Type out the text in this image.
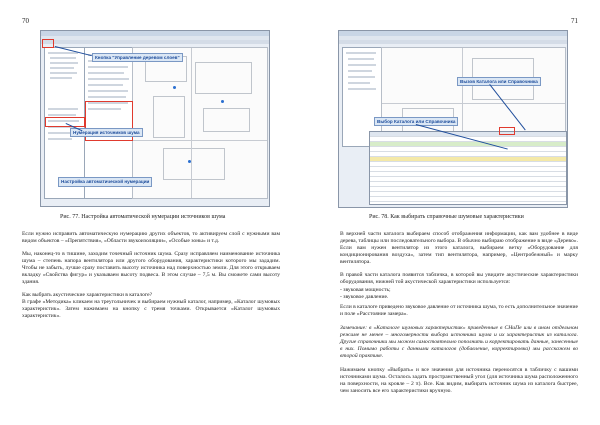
70
Кнопка "Управление деревом слоев"
Нумерация источников шума
Настройка автоматической нумерации
Рис. 77. Настройка автоматической нумерации источников шума
Если нужно исправить автоматическую нумерацию других объектов, то активируем слой с нужными вам видом объектов – «Препятствия», «Области звукоизоляции», «Особые зоны» и т.д.
Мы, наконец-то в тишине, заходим точечный источник шума. Сразу исправляем наименование источника шума – степень напора вентилятора или другого оборудования, характеристики которого мы зададим. Чтобы не забыть, лучше сразу поставить высоту источника над поверхностью земли. Для этого открываем вкладку «Свойства фигур» и указываем высоту подвеса. В этом случае – 7,5 м. Вы сможете сами высоту здания.
Как выбрать акустические характеристики в каталоге?
В графе «Методика» кликаем на треугольничек и выбираем нужный каталог, например, «Каталог шумовых характеристик». Затем нажимаем на кнопку с тремя точками. Открывается «Каталог шумовых характеристик».
71
Вызов Каталога или Справочника
Выбор Каталога или Справочника
Рис. 78. Как выбирать справочные шумовые характеристики
В верхней части каталога выбираем способ отображения информации, как вам удобнее в виде дерева, таблицы или последовательного выбора. В обычно выбираю отображение в виде «Дерево». Если вам нужен вентилятор из этого каталога, выбираем ветку «Оборудование для кондиционирования воздуха», затем тип вентилятора, например, «Центробежный» и марку вентилятора.
В правой части каталога появится табличка, в которой вы увидите акустические характеристики оборудования, нижней той акустической характеристики используется:
- звуковая мощность;
- звуковое давление.
Если в каталоге приведено звуковое давление от источника шума, то есть дополнительное значение и поле «Расстояние замера».
Замечание: в «Каталоге шумовых характеристик» приведенные в СНиПе или в ином отдельном режиме не менее – многомерности выбора источника шума и их характеристик из каталога. Другие справочники мы можем самостоятельно пополнить и корректировать данные, занесенные в них. Помимо работы с данными каталогов (добавление, корректировка) мы расскажем во второй практике.
Нажимаем кнопку «Выбрать» и все значения для источника переносятся в табличку с вашими источниками шума. Осталось задать пространственный угол (для источника шума расположенного на поверхности, на кровле – 2 π). Все. Как видим, выбирать источник шума из каталога быстрее, чем заносить все его характеристики вручную.
